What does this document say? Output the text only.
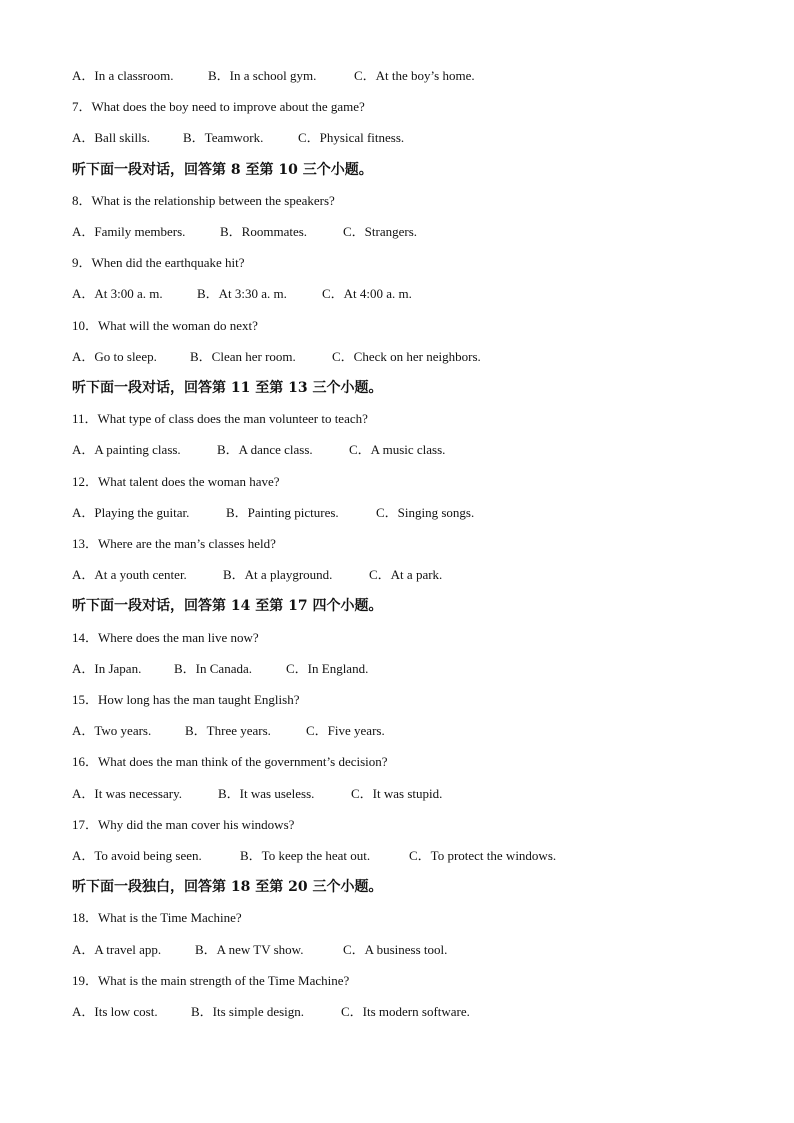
A．In a classroom.	B．In a school gym.	C．At the boy’s home.
7．What does the boy need to improve about the game?
A．Ball skills.	B．Teamwork.	C．Physical fitness.
听下面一段对话，回答第 8 至第 10 三个小题。
8．What is the relationship between the speakers?
A．Family members.	B．Roommates.	C．Strangers.
9．When did the earthquake hit?
A．At 3:00 a. m.	B．At 3:30 a. m.	C．At 4:00 a. m.
10．What will the woman do next?
A．Go to sleep.	B．Clean her room.	C．Check on her neighbors.
听下面一段对话，回答第 11 至第 13 三个小题。
11．What type of class does the man volunteer to teach?
A．A painting class.	B．A dance class.	C．A music class.
12．What talent does the woman have?
A．Playing the guitar.	B．Painting pictures.	C．Singing songs.
13．Where are the man’s classes held?
A．At a youth center.	B．At a playground.	C．At a park.
听下面一段对话，回答第 14 至第 17 四个小题。
14．Where does the man live now?
A．In Japan.	B．In Canada.	C．In England.
15．How long has the man taught English?
A．Two years.	B．Three years.	C．Five years.
16．What does the man think of the government’s decision?
A．It was necessary.	B．It was useless.	C．It was stupid.
17．Why did the man cover his windows?
A．To avoid being seen.	B．To keep the heat out.	C．To protect the windows.
听下面一段独白，回答第 18 至第 20 三个小题。
18．What is the Time Machine?
A．A travel app.	B．A new TV show.	C．A business tool.
19．What is the main strength of the Time Machine?
A．Its low cost.	B．Its simple design.	C．Its modern software.
